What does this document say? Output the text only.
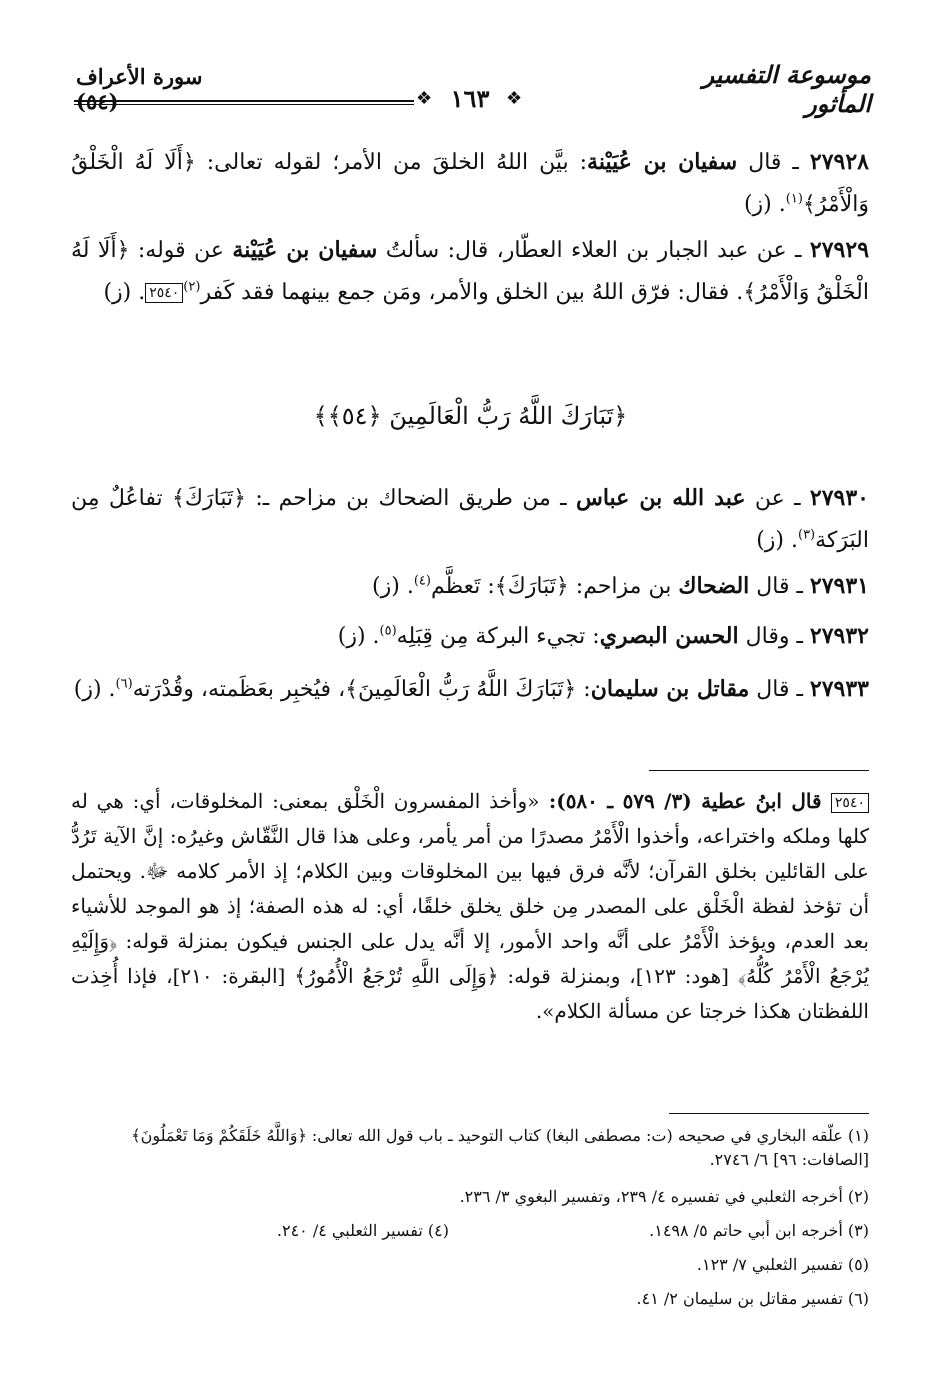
موسوعة التفسير المأثور
سورة الأعراف (٥٤)	❖	❖
١٦٣

٢٧٩٢٨ ـ قال سفيان بن عُيَيْنة: بيَّن اللهُ الخلقَ من الأمر؛ لقوله تعالى: ﴿أَلَا لَهُ الْخَلْقُ وَالْأَمْرُ﴾$^{(١)}$. (ز)

٢٧٩٢٩ ـ عن عبد الجبار بن العلاء العطّار، قال: سألتُ سفيان بن عُيَيْنة عن قوله: ﴿أَلَا لَهُ الْخَلْقُ وَالْأَمْرُ﴾. فقال: فرّق اللهُ بين الخلق والأمر، ومَن جمع بينهما فقد كَفر$^{(٢)}$٢٥٤٠. (ز)

﴿تَبَارَكَ اللَّهُ رَبُّ الْعَالَمِينَ ﴿٥٤﴾﴾

٢٧٩٣٠ ـ عن عبد الله بن عباس ـ من طريق الضحاك بن مزاحم ـ: ﴿تَبَارَكَ﴾ تفاعُلٌ مِن البَرَكة$^{(٣)}$. (ز)

٢٧٩٣١ ـ قال الضحاك بن مزاحم: ﴿تَبَارَكَ﴾: تَعظَّم$^{(٤)}$. (ز)

٢٧٩٣٢ ـ وقال الحسن البصري: تجيء البركة مِن قِبَلِه$^{(٥)}$. (ز)

٢٧٩٣٣ ـ قال مقاتل بن سليمان: ﴿تَبَارَكَ اللَّهُ رَبُّ الْعَالَمِينَ﴾، فيُخبِر بعَظَمته، وقُدْرَته$^{(٦)}$. (ز)

٢٥٤٠ قال ابنُ عطية (٣/ ٥٧٩ ـ ٥٨٠): «وأخذ المفسرون الْخَلْق بمعنى: المخلوقات، أي: هي له كلها وملكه واختراعه، وأخذوا الْأَمْرُ مصدرًا من أمر يأمر، وعلى هذا قال النَّقّاش وغيرُه: إنَّ الآية تَرُدُّ على القائلين بخلق القرآن؛ لأنَّه فرق فيها بين المخلوقات وبين الكلام؛ إذ الأمر كلامه ﷻ. ويحتمل أن تؤخذ لفظة الْخَلْق على المصدر مِن خلق يخلق خلقًا، أي: له هذه الصفة؛ إذ هو الموجد للأشياء بعد العدم، ويؤخذ الْأَمْرُ على أنَّه واحد الأمور، إلا أنَّه يدل على الجنس فيكون بمنزلة قوله: ﴿وَإِلَيْهِ يُرْجَعُ الْأَمْرُ كُلُّهُ﴾ [هود: ١٢٣]، وبمنزلة قوله: ﴿وَإِلَى اللَّهِ تُرْجَعُ الْأُمُورُ﴾ [البقرة: ٢١٠]، فإذا أُخِذت اللفظتان هكذا خرجتا عن مسألة الكلام».

(١) علّقه البخاري في صحيحه (ت: مصطفى البغا) كتاب التوحيد ـ باب قول الله تعالى: ﴿وَاللَّهُ خَلَقَكُمْ وَمَا تَعْمَلُونَ﴾ [الصافات: ٩٦] ٦/ ٢٧٤٦.

(٢) أخرجه الثعلبي في تفسيره ٤/ ٢٣٩، وتفسير البغوي ٣/ ٢٣٦.

(٣) أخرجه ابن أبي حاتم ٥/ ١٤٩٨.
(٤) تفسير الثعلبي ٤/ ٢٤٠.

(٥) تفسير الثعلبي ٧/ ١٢٣.

(٦) تفسير مقاتل بن سليمان ٢/ ٤١.
